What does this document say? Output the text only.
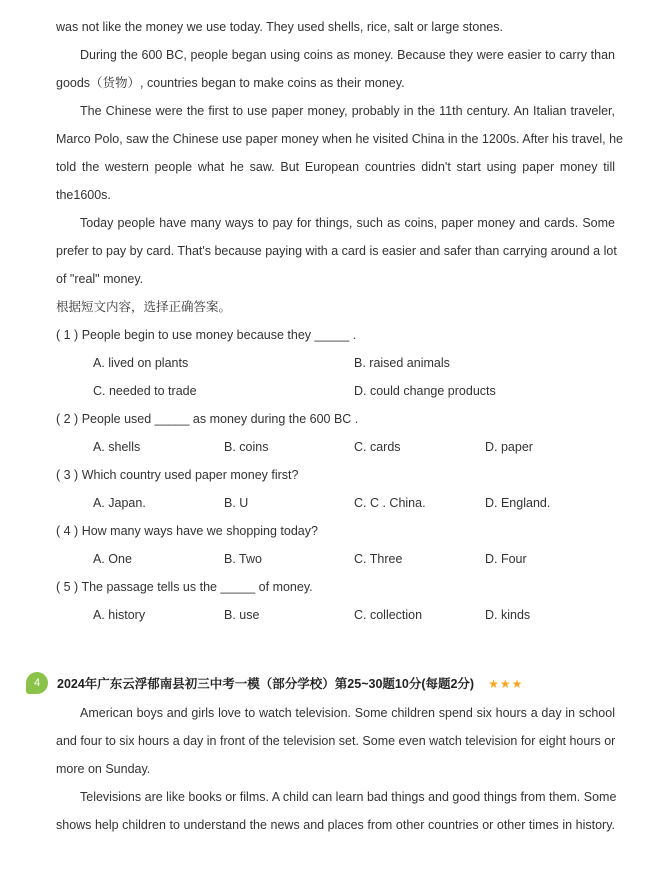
was not like the money we use today. They used shells, rice, salt or large stones.
During the 600 BC, people began using coins as money. Because they were easier to carry than
goods（货物）, countries began to make coins as their money.
The Chinese were the first to use paper money, probably in the 11th century. An Italian traveler,
Marco Polo, saw the Chinese use paper money when he visited China in the 1200s. After his travel, he
told the western people what he saw. But European countries didn't start using paper money till
the1600s.
Today people have many ways to pay for things, such as coins, paper money and cards. Some
prefer to pay by card. That's because paying with a card is easier and safer than carrying around a lot
of "real" money.
根据短文内容，选择正确答案。
( 1 ) People begin to use money because they _____ .
A. lived on plants	B. raised animals
C. needed to trade	D. could change products
( 2 ) People used _____ as money during the 600 BC .
A. shells	B. coins	C. cards	D. paper
( 3 ) Which country used paper money first?
A. Japan.	B. U	C. C . China.	D. England.
( 4 ) How many ways have we shopping today?
A. One	B. Two	C. Three	D. Four
( 5 ) The passage tells us the _____ of money.
A. history	B. use	C. collection	D. kinds
4	2024年广东云浮郁南县初三中考一模（部分学校）第25~30题10分(每题2分) ★★★
American boys and girls love to watch television. Some children spend six hours a day in school
and four to six hours a day in front of the television set. Some even watch television for eight hours or
more on Sunday.
Televisions are like books or films. A child can learn bad things and good things from them. Some
shows help children to understand the news and places from other countries or other times in history.
